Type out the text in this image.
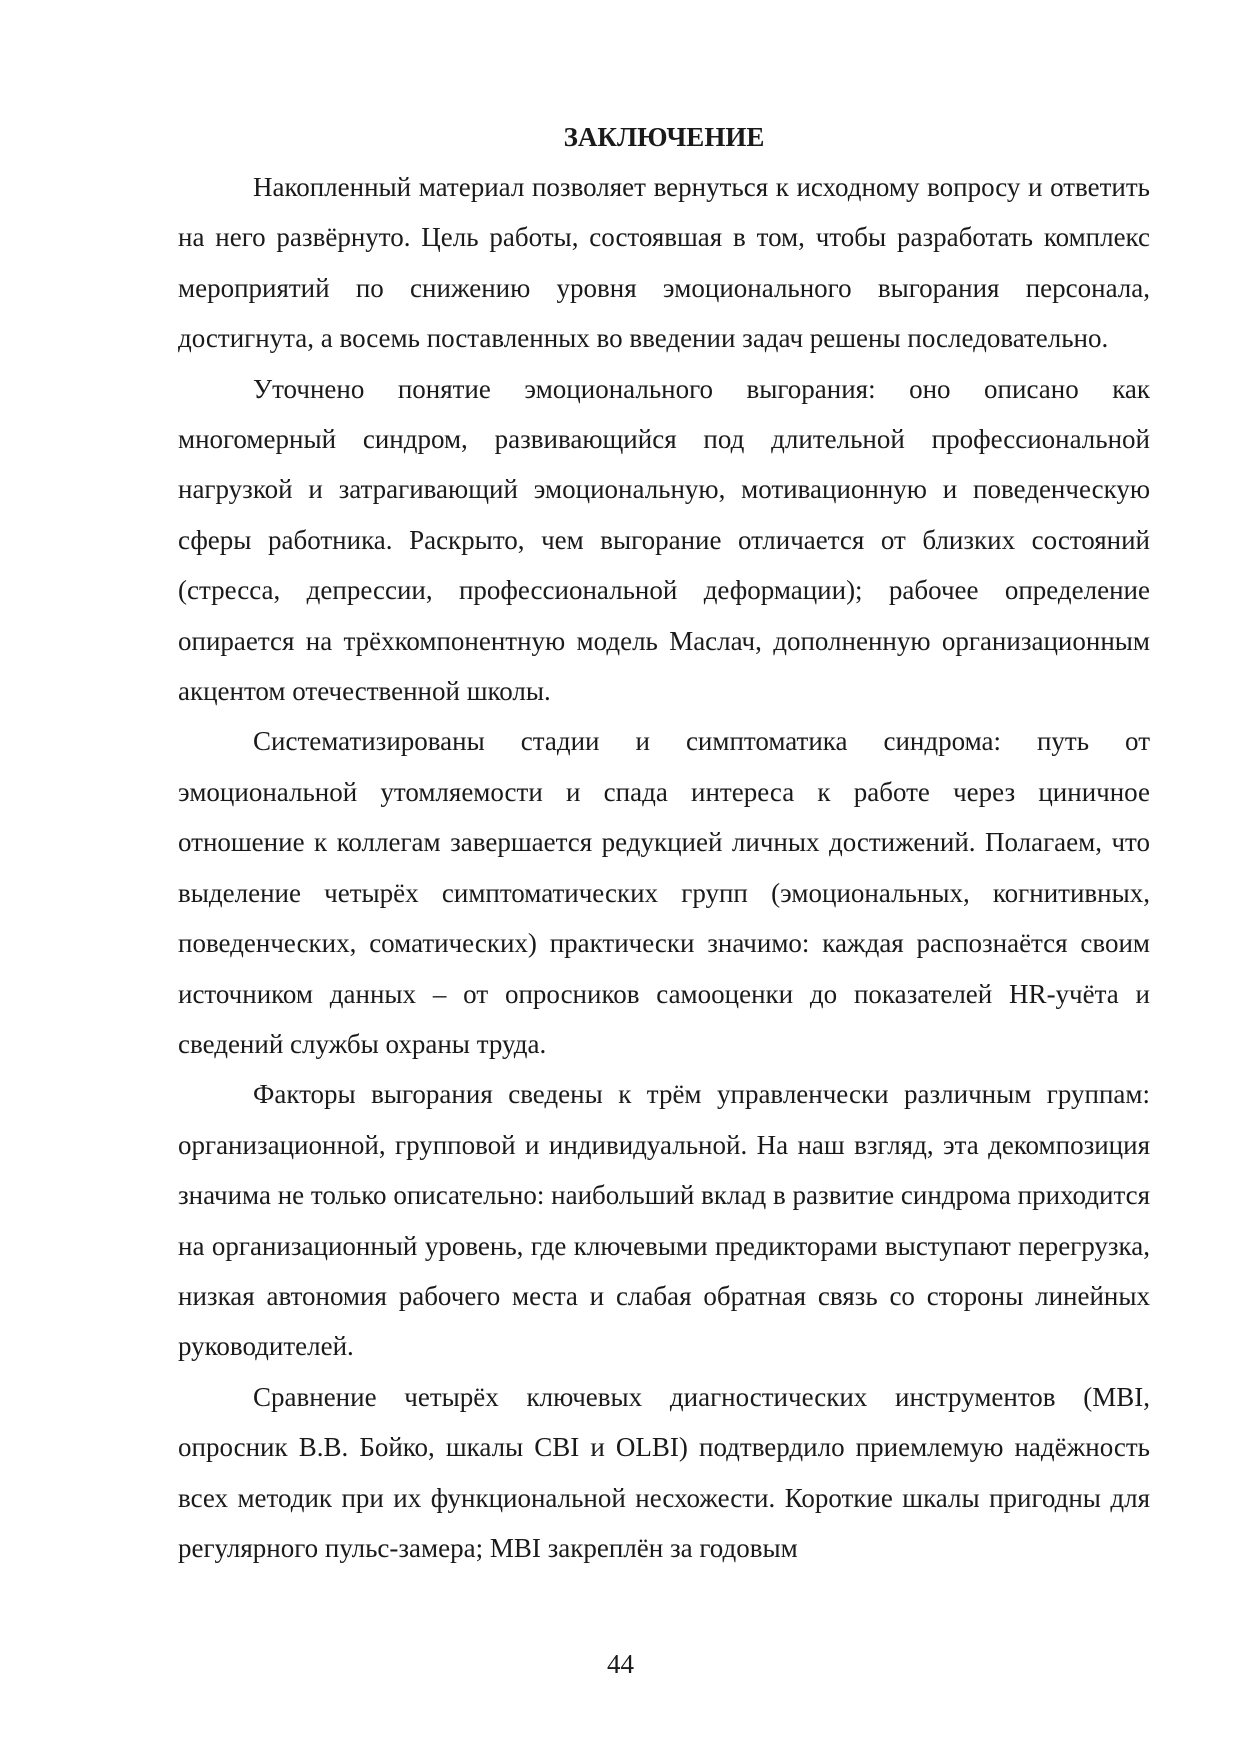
ЗАКЛЮЧЕНИЕ

Накопленный материал позволяет вернуться к исходному вопросу и ответить на него развёрнуто. Цель работы, состоявшая в том, чтобы разработать комплекс мероприятий по снижению уровня эмоционального выгорания персонала, достигнута, а восемь поставленных во введении задач решены последовательно.

Уточнено понятие эмоционального выгорания: оно описано как многомерный синдром, развивающийся под длительной профессиональной нагрузкой и затрагивающий эмоциональную, мотивационную и поведенческую сферы работника. Раскрыто, чем выгорание отличается от близких состояний (стресса, депрессии, профессиональной деформации); рабочее определение опирается на трёхкомпонентную модель Маслач, дополненную организационным акцентом отечественной школы.

Систематизированы стадии и симптоматика синдрома: путь от эмоциональной утомляемости и спада интереса к работе через циничное отношение к коллегам завершается редукцией личных достижений. Полагаем, что выделение четырёх симптоматических групп (эмоциональных, когнитивных, поведенческих, соматических) практически значимо: каждая распознаётся своим источником данных – от опросников самооценки до показателей HR-учёта и сведений службы охраны труда.

Факторы выгорания сведены к трём управленчески различным группам: организационной, групповой и индивидуальной. На наш взгляд, эта декомпозиция значима не только описательно: наибольший вклад в развитие синдрома приходится на организационный уровень, где ключевыми предикторами выступают перегрузка, низкая автономия рабочего места и слабая обратная связь со стороны линейных руководителей.

Сравнение четырёх ключевых диагностических инструментов (MBI, опросник В.В. Бойко, шкалы CBI и OLBI) подтвердило приемлемую надёжность всех методик при их функциональной несхожести. Короткие шкалы пригодны для регулярного пульс-замера; MBI закреплён за годовым

44
